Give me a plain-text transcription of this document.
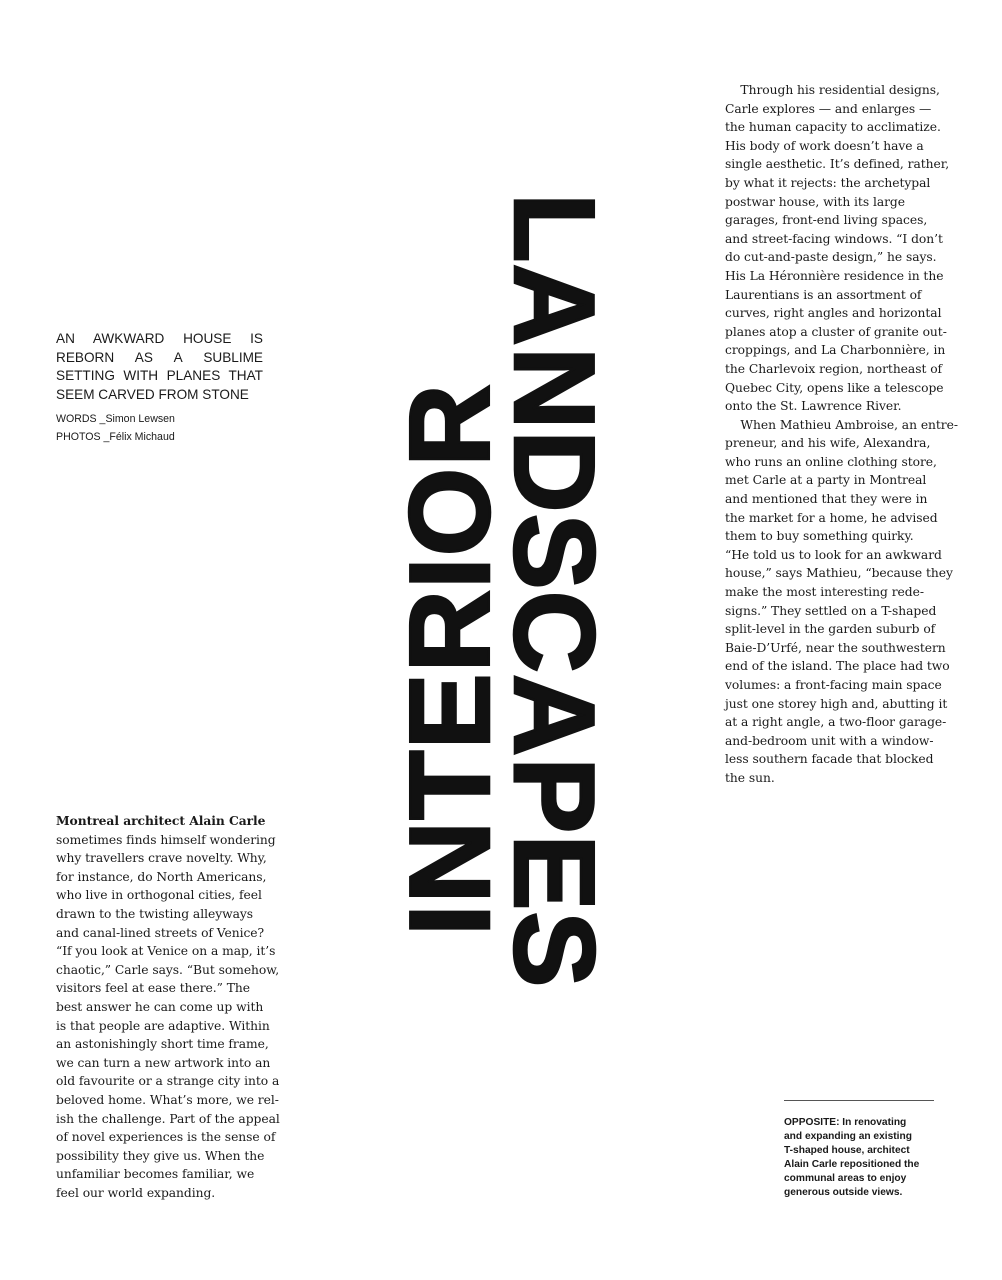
AN AWKWARD HOUSE IS REBORN AS A SUBLIME SETTING WITH PLANES THAT SEEM CARVED FROM STONE

WORDS _Simon Lewsen
PHOTOS _Félix Michaud INTERIOR
LANDSCAPES
Montreal architect Alain Carle
sometimes finds himself wondering
why travellers crave novelty. Why,
for instance, do North Americans,
who live in orthogonal cities, feel
drawn to the twisting alleyways
and canal-lined streets of Venice?
“If you look at Venice on a map, it’s
chaotic,” Carle says. “But somehow,
visitors feel at ease there.” The
best answer he can come up with
is that people are adaptive. Within
an astonishingly short time frame,
we can turn a new artwork into an
old favourite or a strange city into a
beloved home. What’s more, we rel-
ish the challenge. Part of the appeal
of novel experiences is the sense of
possibility they give us. When the
unfamiliar becomes familiar, we
feel our world expanding.
Through his residential designs,
Carle explores — and enlarges —
the human capacity to acclimatize.
His body of work doesn’t have a
single aesthetic. It’s defined, rather,
by what it rejects: the archetypal
postwar house, with its large
garages, front-end living spaces,
and street-facing windows. “I don’t
do cut-and-paste design,” he says.
His La Héronnière residence in the
Laurentians is an assortment of
curves, right angles and horizontal
planes atop a cluster of granite out-
croppings, and La Charbonnière, in
the Charlevoix region, northeast of
Quebec City, opens like a telescope
onto the St. Lawrence River.
When Mathieu Ambroise, an entre-
preneur, and his wife, Alexandra,
who runs an online clothing store,
met Carle at a party in Montreal
and mentioned that they were in
the market for a home, he advised
them to buy something quirky.
“He told us to look for an awkward
house,” says Mathieu, “because they
make the most interesting rede-
signs.” They settled on a T-shaped
split-level in the garden suburb of
Baie-D’Urfé, near the southwestern
end of the island. The place had two
volumes: a front-facing main space
just one storey high and, abutting it
at a right angle, a two-floor garage-
and-bedroom unit with a window-
less southern facade that blocked
the sun.
OPPOSITE: In renovating
and expanding an existing
T-shaped house, architect
Alain Carle repositioned the
communal areas to enjoy
generous outside views.
